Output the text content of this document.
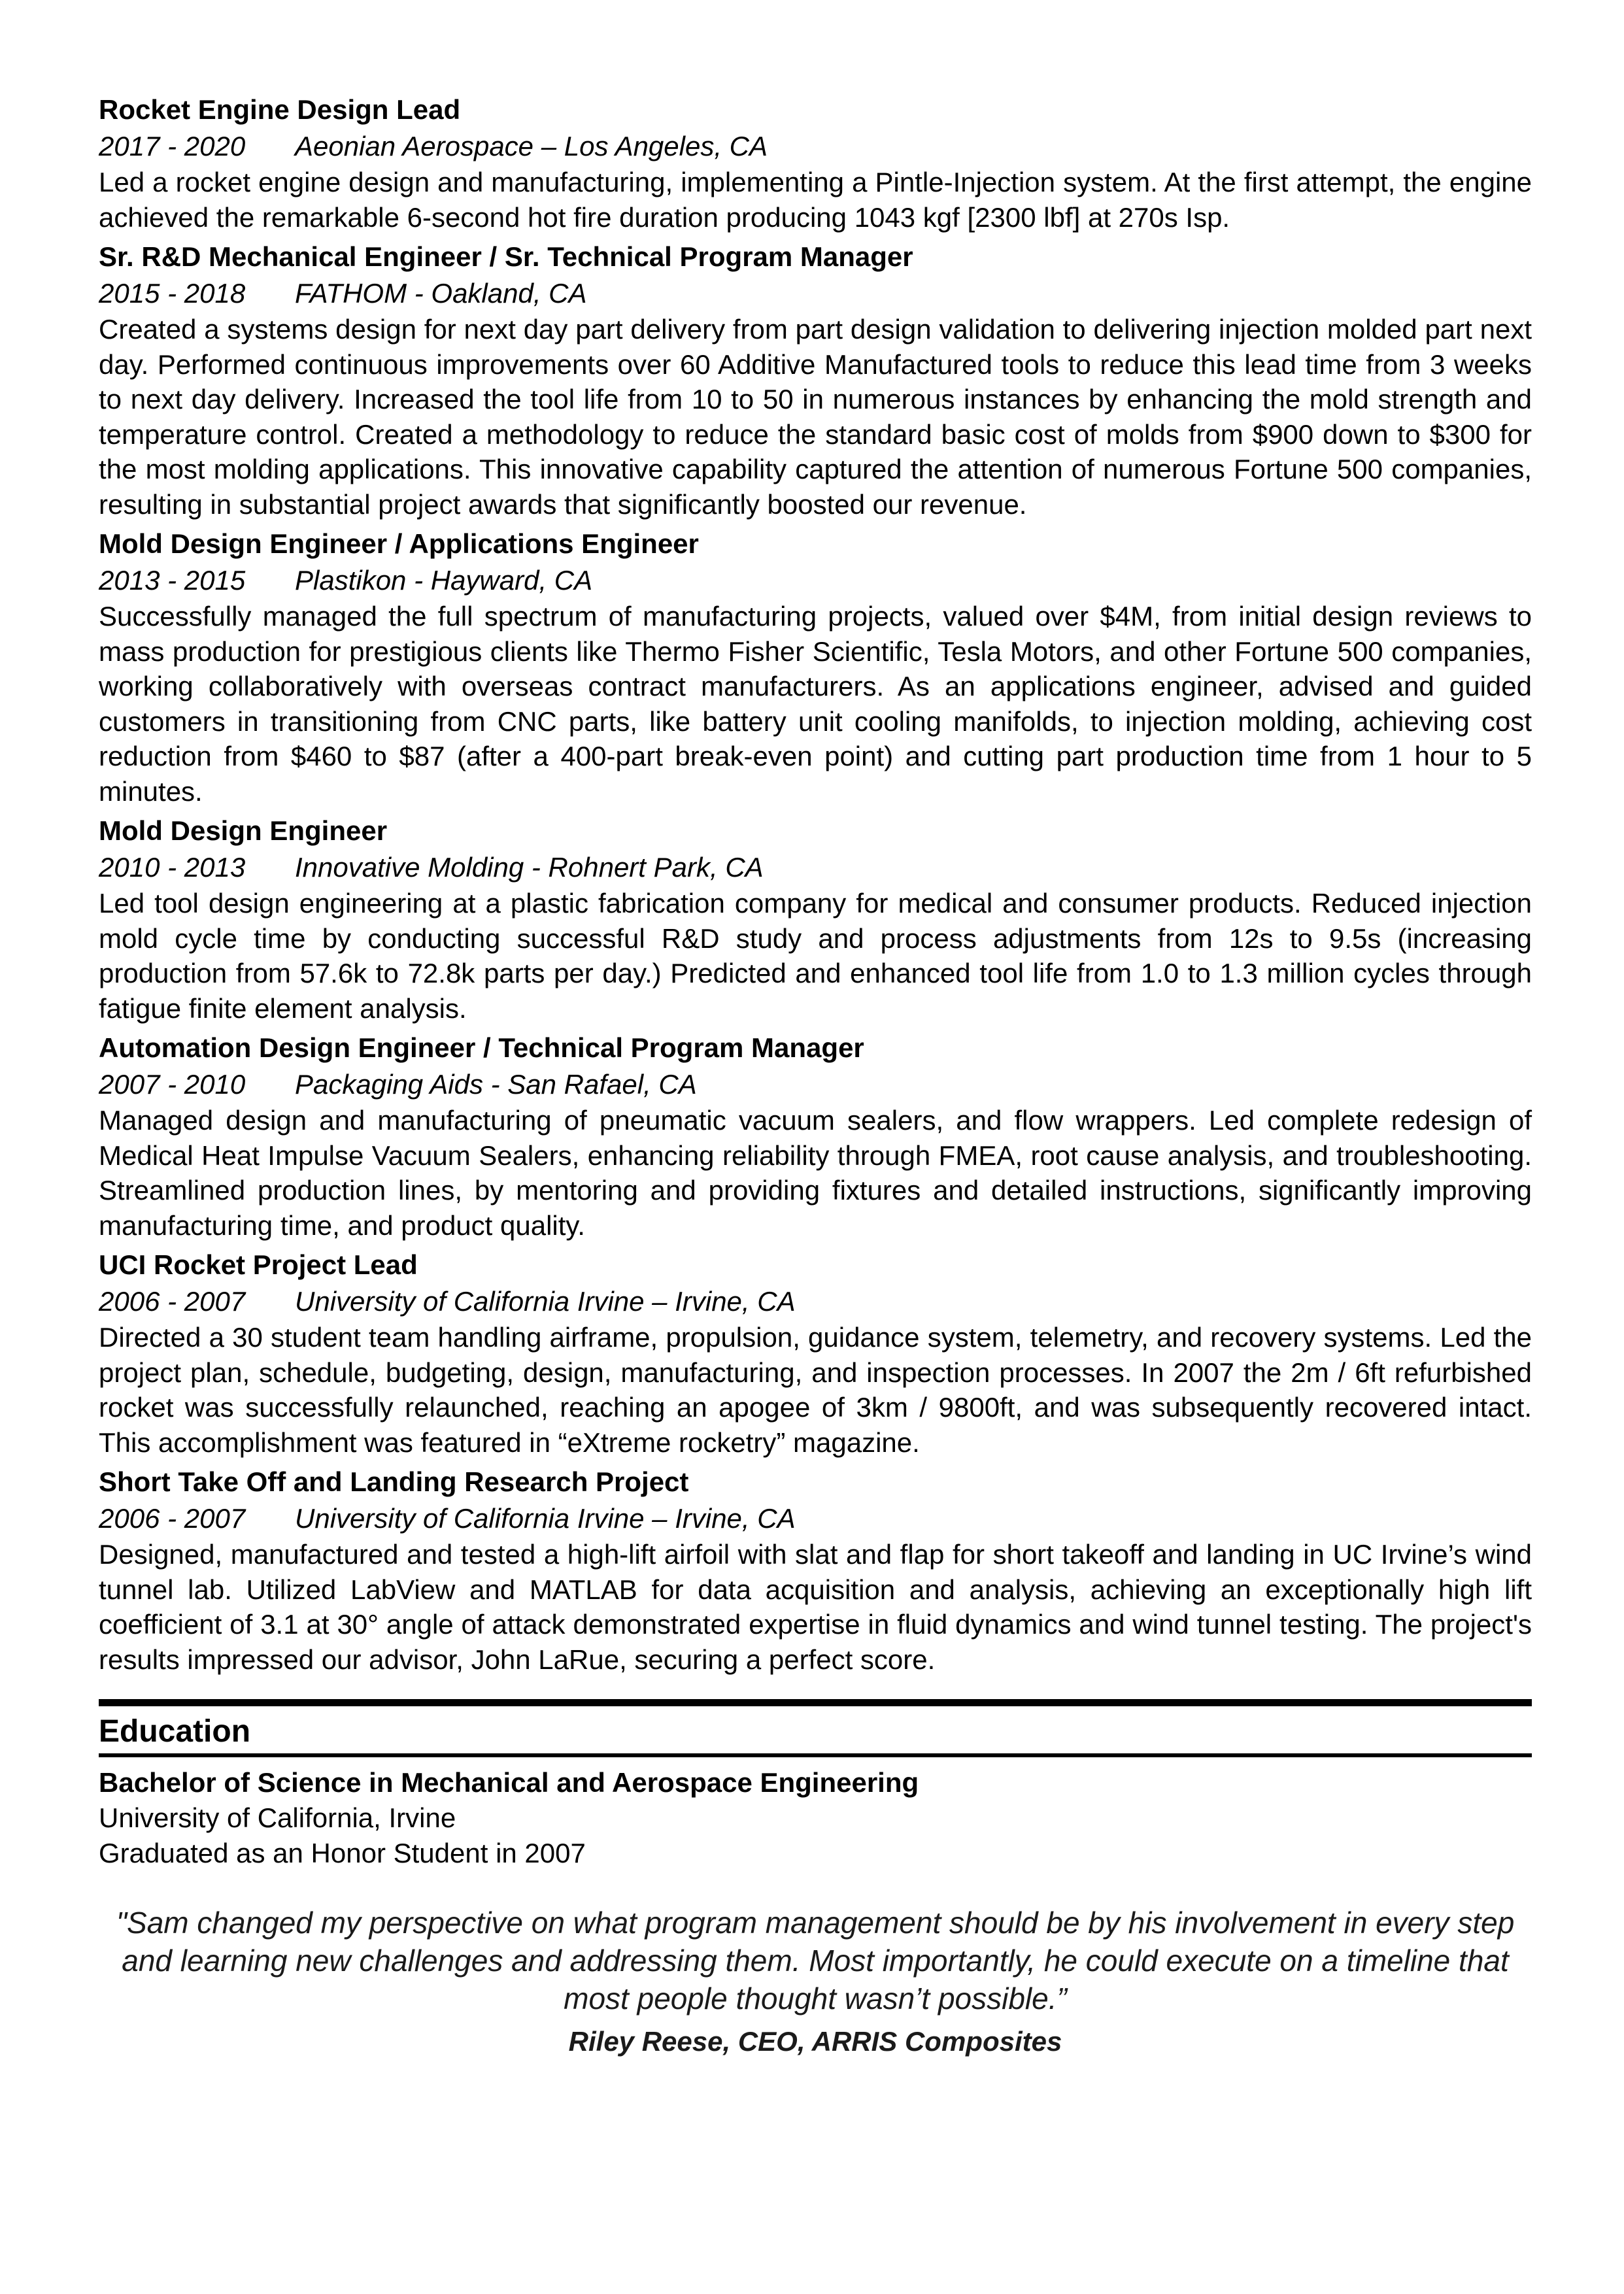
Rocket Engine Design Lead
2017 - 2020 Aeonian Aerospace – Los Angeles, CA

Led a rocket engine design and manufacturing, implementing a Pintle-Injection system. At the first attempt, the engine achieved the remarkable 6-second hot fire duration producing 1043 kgf [2300 lbf] at 270s Isp.

Sr. R&D Mechanical Engineer / Sr. Technical Program Manager
2015 - 2018 FATHOM - Oakland, CA

Created a systems design for next day part delivery from part design validation to delivering injection molded part next day. Performed continuous improvements over 60 Additive Manufactured tools to reduce this lead time from 3 weeks to next day delivery. Increased the tool life from 10 to 50 in numerous instances by enhancing the mold strength and temperature control. Created a methodology to reduce the standard basic cost of molds from $900 down to $300 for the most molding applications. This innovative capability captured the attention of numerous Fortune 500 companies, resulting in substantial project awards that significantly boosted our revenue.

Mold Design Engineer / Applications Engineer
2013 - 2015 Plastikon - Hayward, CA

Successfully managed the full spectrum of manufacturing projects, valued over $4M, from initial design reviews to mass production for prestigious clients like Thermo Fisher Scientific, Tesla Motors, and other Fortune 500 companies, working collaboratively with overseas contract manufacturers. As an applications engineer, advised and guided customers in transitioning from CNC parts, like battery unit cooling manifolds, to injection molding, achieving cost reduction from $460 to $87 (after a 400-part break-even point) and cutting part production time from 1 hour to 5 minutes.

Mold Design Engineer
2010 - 2013 Innovative Molding - Rohnert Park, CA

Led tool design engineering at a plastic fabrication company for medical and consumer products. Reduced injection mold cycle time by conducting successful R&D study and process adjustments from 12s to 9.5s (increasing production from 57.6k to 72.8k parts per day.) Predicted and enhanced tool life from 1.0 to 1.3 million cycles through fatigue finite element analysis.

Automation Design Engineer / Technical Program Manager
2007 - 2010 Packaging Aids - San Rafael, CA

Managed design and manufacturing of pneumatic vacuum sealers, and flow wrappers. Led complete redesign of Medical Heat Impulse Vacuum Sealers, enhancing reliability through FMEA, root cause analysis, and troubleshooting. Streamlined production lines, by mentoring and providing fixtures and detailed instructions, significantly improving manufacturing time, and product quality.

UCI Rocket Project Lead
2006 - 2007 University of California Irvine – Irvine, CA

Directed a 30 student team handling airframe, propulsion, guidance system, telemetry, and recovery systems. Led the project plan, schedule, budgeting, design, manufacturing, and inspection processes. In 2007 the 2m / 6ft refurbished rocket was successfully relaunched, reaching an apogee of 3km / 9800ft, and was subsequently recovered intact. This accomplishment was featured in “eXtreme rocketry” magazine.

Short Take Off and Landing Research Project
2006 - 2007 University of California Irvine – Irvine, CA

Designed, manufactured and tested a high-lift airfoil with slat and flap for short takeoff and landing in UC Irvine’s wind tunnel lab. Utilized LabView and MATLAB for data acquisition and analysis, achieving an exceptionally high lift coefficient of 3.1 at 30° angle of attack demonstrated expertise in fluid dynamics and wind tunnel testing. The project's results impressed our advisor, John LaRue, securing a perfect score.

Education
Bachelor of Science in Mechanical and Aerospace Engineering
University of California, Irvine
Graduated as an Honor Student in 2007
"Sam changed my perspective on what program management should be by his involvement in every step and learning new challenges and addressing them. Most importantly, he could execute on a timeline that most people thought wasn’t possible.”
Riley Reese, CEO, ARRIS Composites
